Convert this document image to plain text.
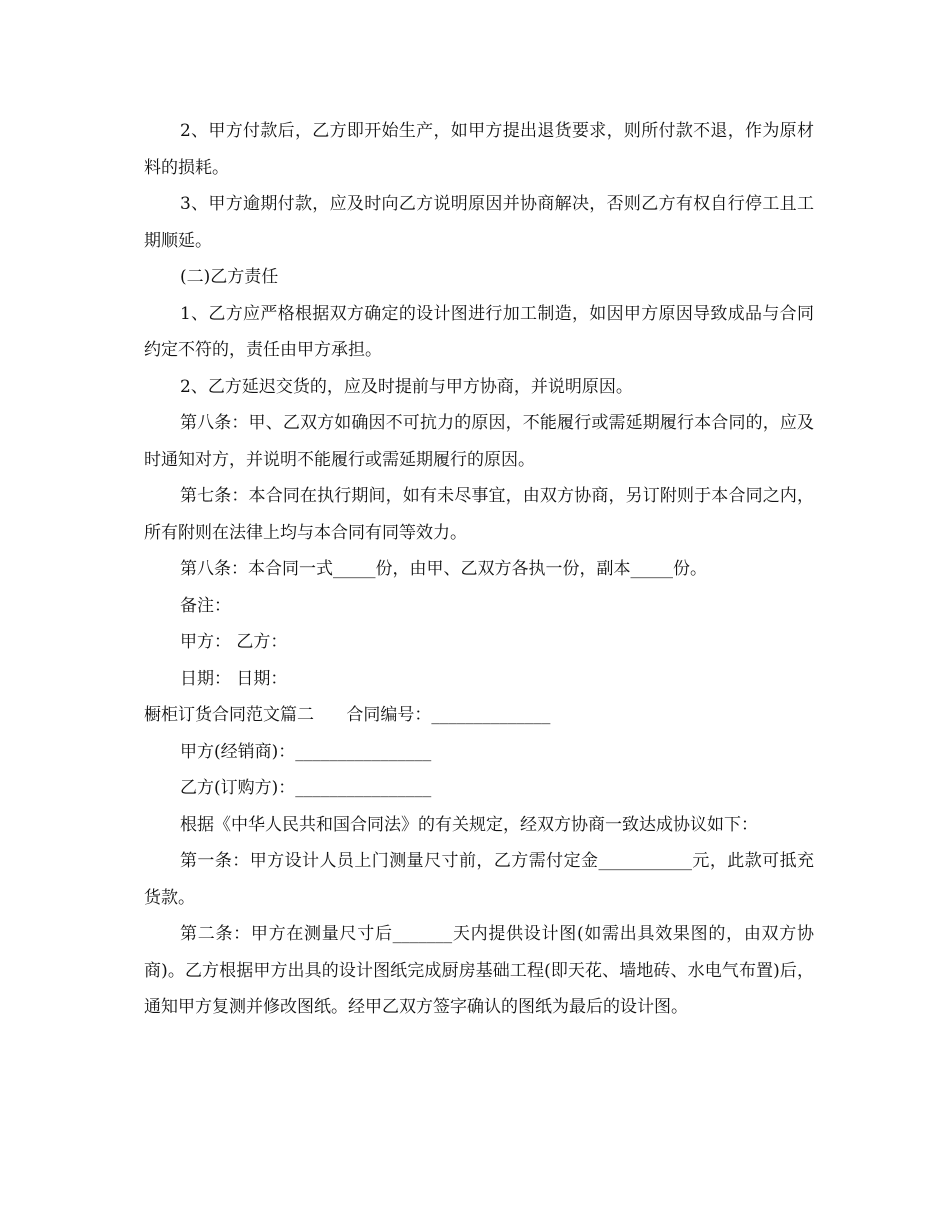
2、甲方付款后，乙方即开始生产，如甲方提出退货要求，则所付款不退，作为原材料的损耗。

3、甲方逾期付款，应及时向乙方说明原因并协商解决，否则乙方有权自行停工且工期顺延。

(二)乙方责任

1、乙方应严格根据双方确定的设计图进行加工制造，如因甲方原因导致成品与合同约定不符的，责任由甲方承担。

2、乙方延迟交货的，应及时提前与甲方协商，并说明原因。

第八条：甲、乙双方如确因不可抗力的原因，不能履行或需延期履行本合同的，应及时通知对方，并说明不能履行或需延期履行的原因。

第七条：本合同在执行期间，如有未尽事宜，由双方协商，另订附则于本合同之内，所有附则在法律上均与本合同有同等效力。

第八条：本合同一式_____份，由甲、乙双方各执一份，副本_____份。

备注：

甲方： 乙方：

日期： 日期：

橱柜订货合同范文篇二      合同编号：______________

甲方(经销商)：________________

乙方(订购方)：________________

根据《中华人民共和国合同法》的有关规定，经双方协商一致达成协议如下：

第一条：甲方设计人员上门测量尺寸前，乙方需付定金___________元，此款可抵充货款。

第二条：甲方在测量尺寸后_______天内提供设计图(如需出具效果图的，由双方协商)。乙方根据甲方出具的设计图纸完成厨房基础工程(即天花、墙地砖、水电气布置)后，通知甲方复测并修改图纸。经甲乙双方签字确认的图纸为最后的设计图。
